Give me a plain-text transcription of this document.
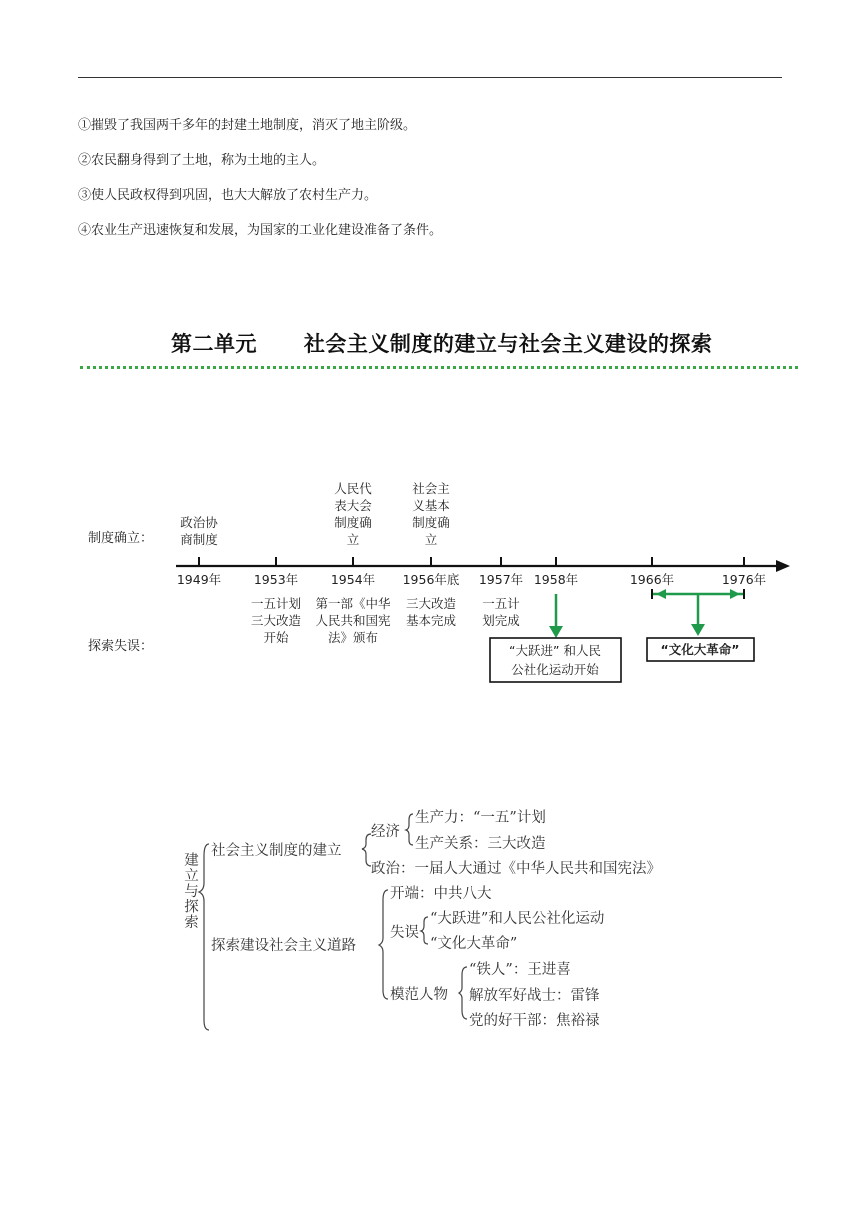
①摧毁了我国两千多年的封建土地制度，消灭了地主阶级。
②农民翻身得到了土地，称为土地的主人。
③使人民政权得到巩固，也大大解放了农村生产力。
④农业生产迅速恢复和发展，为国家的工业化建设准备了条件。
第二单元      社会主义制度的建立与社会主义建设的探索
制度确立：
探索失误：
1949年	1953年	1954年 1956年底 1957年 1958年	1966年	1976年
政治协
商制度
人民代
表大会
制度确
立
社会主
义基本
制度确
立
一五计划
三大改造
开始
第一部《中华
人民共和国宪
法》颁布
三大改造
基本完成
一五计
划完成
“大跃进” 和人民
公社化运动开始
“文化大革命”
建立与探索
社会主义制度的建立
经济
生产力：“一五”计划
生产关系：三大改造
政治：一届人大通过《中华人民共和国宪法》
探索建设社会主义道路
开端：中共八大
失误
“大跃进”和人民公社化运动
“文化大革命”
模范人物
“铁人”：王进喜
解放军好战士：雷锋
党的好干部：焦裕禄
